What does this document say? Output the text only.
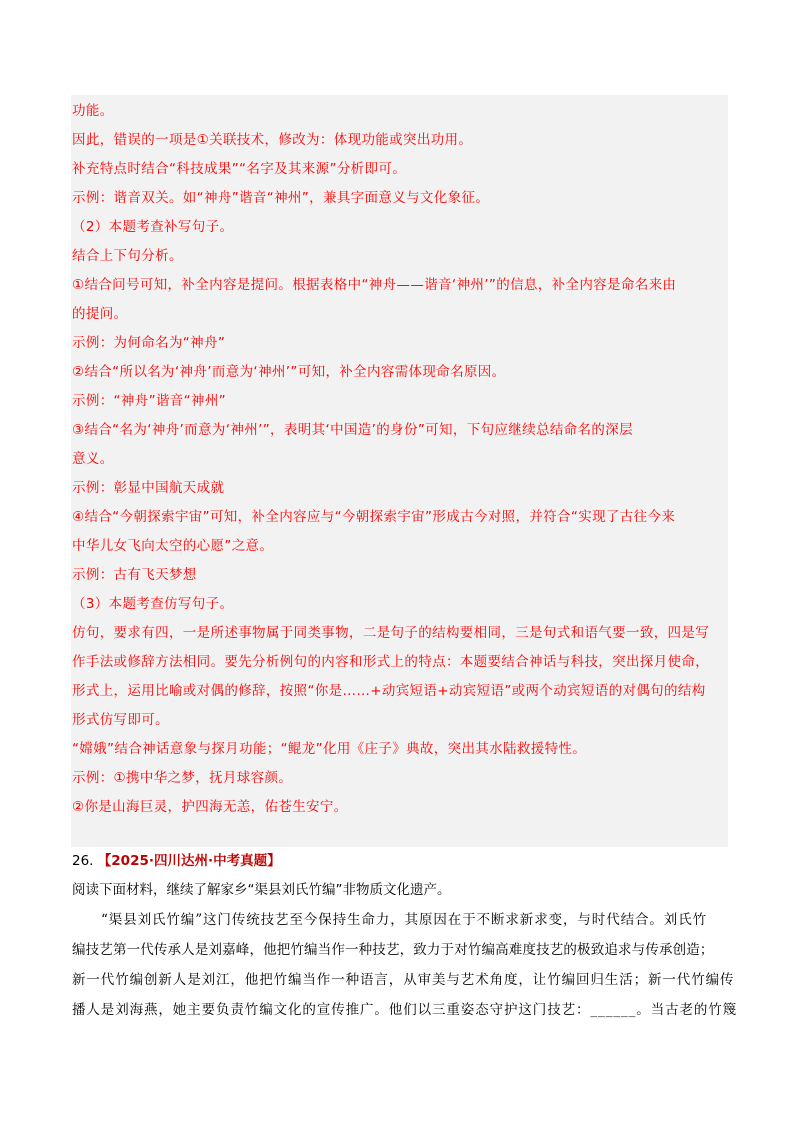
功能。
因此，错误的一项是①关联技术，修改为：体现功能或突出功用。
补充特点时结合“科技成果”“名字及其来源”分析即可。
示例：谐音双关。如“神舟”谐音“神州”，兼具字面意义与文化象征。
（2）本题考查补写句子。
结合上下句分析。
①结合问号可知，补全内容是提问。根据表格中“神舟——谐音‘神州’”的信息，补全内容是命名来由
的提问。
示例：为何命名为“神舟”
②结合“所以名为‘神舟’而意为‘神州’”可知，补全内容需体现命名原因。
示例：“神舟”谐音“神州”
③结合“名为‘神舟’而意为‘神州’”，表明其‘中国造’的身份”可知，下句应继续总结命名的深层
意义。
示例：彰显中国航天成就
④结合“今朝探索宇宙”可知，补全内容应与“今朝探索宇宙”形成古今对照，并符合“实现了古往今来
中华儿女飞向太空的心愿”之意。
示例：古有飞天梦想
（3）本题考查仿写句子。
仿句，要求有四，一是所述事物属于同类事物，二是句子的结构要相同，三是句式和语气要一致，四是写
作手法或修辞方法相同。要先分析例句的内容和形式上的特点：本题要结合神话与科技，突出探月使命，
形式上，运用比喻或对偶的修辞，按照“你是……+动宾短语+动宾短语”或两个动宾短语的对偶句的结构
形式仿写即可。
“嫦娥”结合神话意象与探月功能；“鲲龙”化用《庄子》典故，突出其水陆救援特性。
示例：①携中华之梦，抚月球容颜。
②你是山海巨灵，护四海无恙，佑苍生安宁。
26. 【2025·四川达州·中考真题】
阅读下面材料，继续了解家乡“渠县刘氏竹编”非物质文化遗产。
“渠县刘氏竹编”这门传统技艺至今保持生命力，其原因在于不断求新求变，与时代结合。刘氏竹
编技艺第一代传承人是刘嘉峰，他把竹编当作一种技艺，致力于对竹编高难度技艺的极致追求与传承创造；
新一代竹编创新人是刘江，他把竹编当作一种语言，从审美与艺术角度，让竹编回归生活；新一代竹编传
播人是刘海燕，她主要负责竹编文化的宣传推广。他们以三重姿态守护这门技艺：______。当古老的竹篾
